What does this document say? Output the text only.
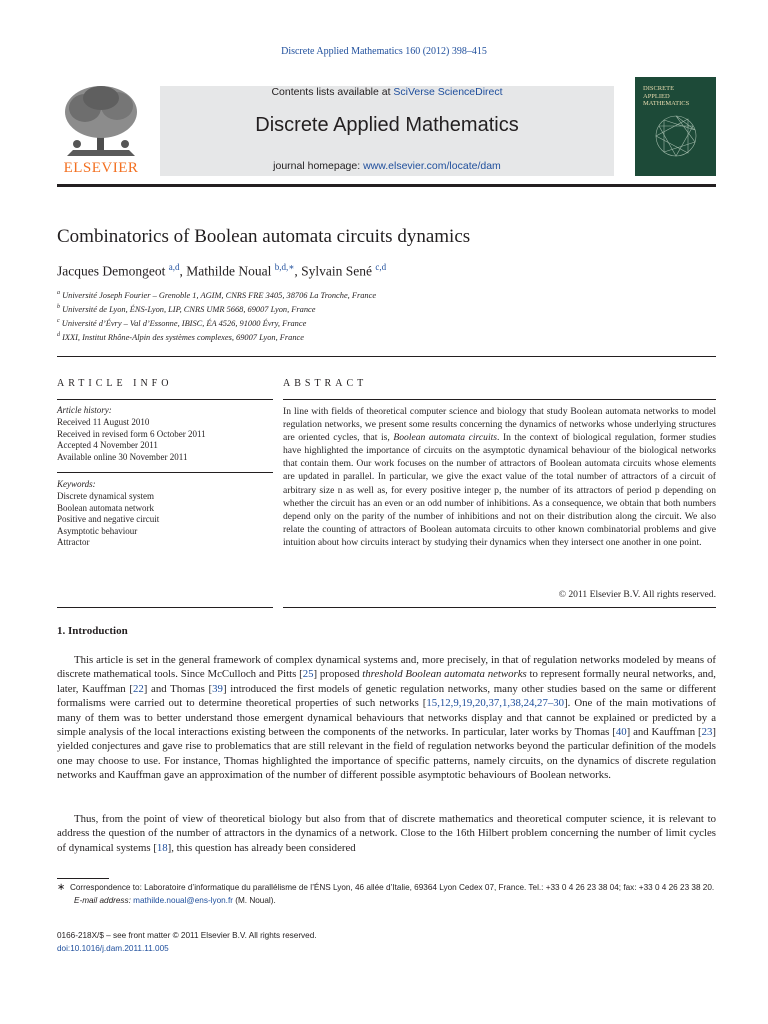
Discrete Applied Mathematics 160 (2012) 398–415
ELSEVIER
Contents lists available at SciVerse ScienceDirect
Discrete Applied Mathematics
journal homepage: www.elsevier.com/locate/dam
DISCRETE
APPLIED
MATHEMATICS
Combinatorics of Boolean automata circuits dynamics
Jacques Demongeot $^{a,d}$, Mathilde Noual $^{b,d,∗}$, Sylvain Sené $^{c,d}$
$^a$ Université Joseph Fourier – Grenoble 1, AGIM, CNRS FRE 3405, 38706 La Tronche, France
$^b$ Université de Lyon, ÉNS-Lyon, LIP, CNRS UMR 5668, 69007 Lyon, France
$^c$ Université d’Évry – Val d’Essonne, IBISC, ÉA 4526, 91000 Évry, France
$^d$ IXXI, Institut Rhône-Alpin des systèmes complexes, 69007 Lyon, France
ARTICLE INFO	ABSTRACT
Article history:
Received 11 August 2010
Received in revised form 6 October 2011
Accepted 4 November 2011
Available online 30 November 2011
Keywords:
Discrete dynamical system
Boolean automata network
Positive and negative circuit
Asymptotic behaviour
Attractor
In line with fields of theoretical computer science and biology that study Boolean automata networks to model regulation networks, we present some results concerning the dynamics of networks whose underlying structures are oriented cycles, that is, Boolean automata circuits. In the context of biological regulation, former studies have highlighted the importance of circuits on the asymptotic dynamical behaviour of the biological networks that contain them. Our work focuses on the number of attractors of Boolean automata circuits whose elements are updated in parallel. In particular, we give the exact value of the total number of attractors of a circuit of arbitrary size n as well as, for every positive integer p, the number of its attractors of period p depending on whether the circuit has an even or an odd number of inhibitions. As a consequence, we obtain that both numbers depend only on the parity of the number of inhibitions and not on their distribution along the circuit. We also relate the counting of attractors of Boolean automata circuits to other known combinatorial problems and give intuition about how circuits interact by studying their dynamics when they intersect one another in one point.
© 2011 Elsevier B.V. All rights reserved.
1. Introduction
This article is set in the general framework of complex dynamical systems and, more precisely, in that of regulation networks modeled by means of discrete mathematical tools. Since McCulloch and Pitts [25] proposed threshold Boolean automata networks to represent formally neural networks, and, later, Kauffman [22] and Thomas [39] introduced the first models of genetic regulation networks, many other studies based on the same or different formalisms were carried out to determine theoretical properties of such networks [15,12,9,19,20,37,1,38,24,27–30]. One of the main motivations of many of them was to better understand those emergent dynamical behaviours that networks display and that cannot be explained or predicted by a simple analysis of the local interactions existing between the components of the networks. In particular, later works by Thomas [40] and Kauffman [23] yielded conjectures and gave rise to problematics that are still relevant in the field of regulation networks beyond the particular definition of the models one may choose to use. For instance, Thomas highlighted the importance of specific patterns, namely circuits, on the dynamics of discrete regulation networks and Kauffman gave an approximation of the number of different possible asymptotic behaviours of Boolean networks.
Thus, from the point of view of theoretical biology but also from that of discrete mathematics and theoretical computer science, it is relevant to address the question of the number of attractors in the dynamics of a network. Close to the 16th Hilbert problem concerning the number of limit cycles of dynamical systems [18], this question has already been considered
∗ Correspondence to: Laboratoire d’informatique du parallélisme de l’ÉNS Lyon, 46 allée d’Italie, 69364 Lyon Cedex 07, France. Tel.: +33 0 4 26 23 38 04; fax: +33 0 4 26 23 38 20.
E-mail address: mathilde.noual@ens-lyon.fr (M. Noual).
0166-218X/$ – see front matter © 2011 Elsevier B.V. All rights reserved.
doi:10.1016/j.dam.2011.11.005
